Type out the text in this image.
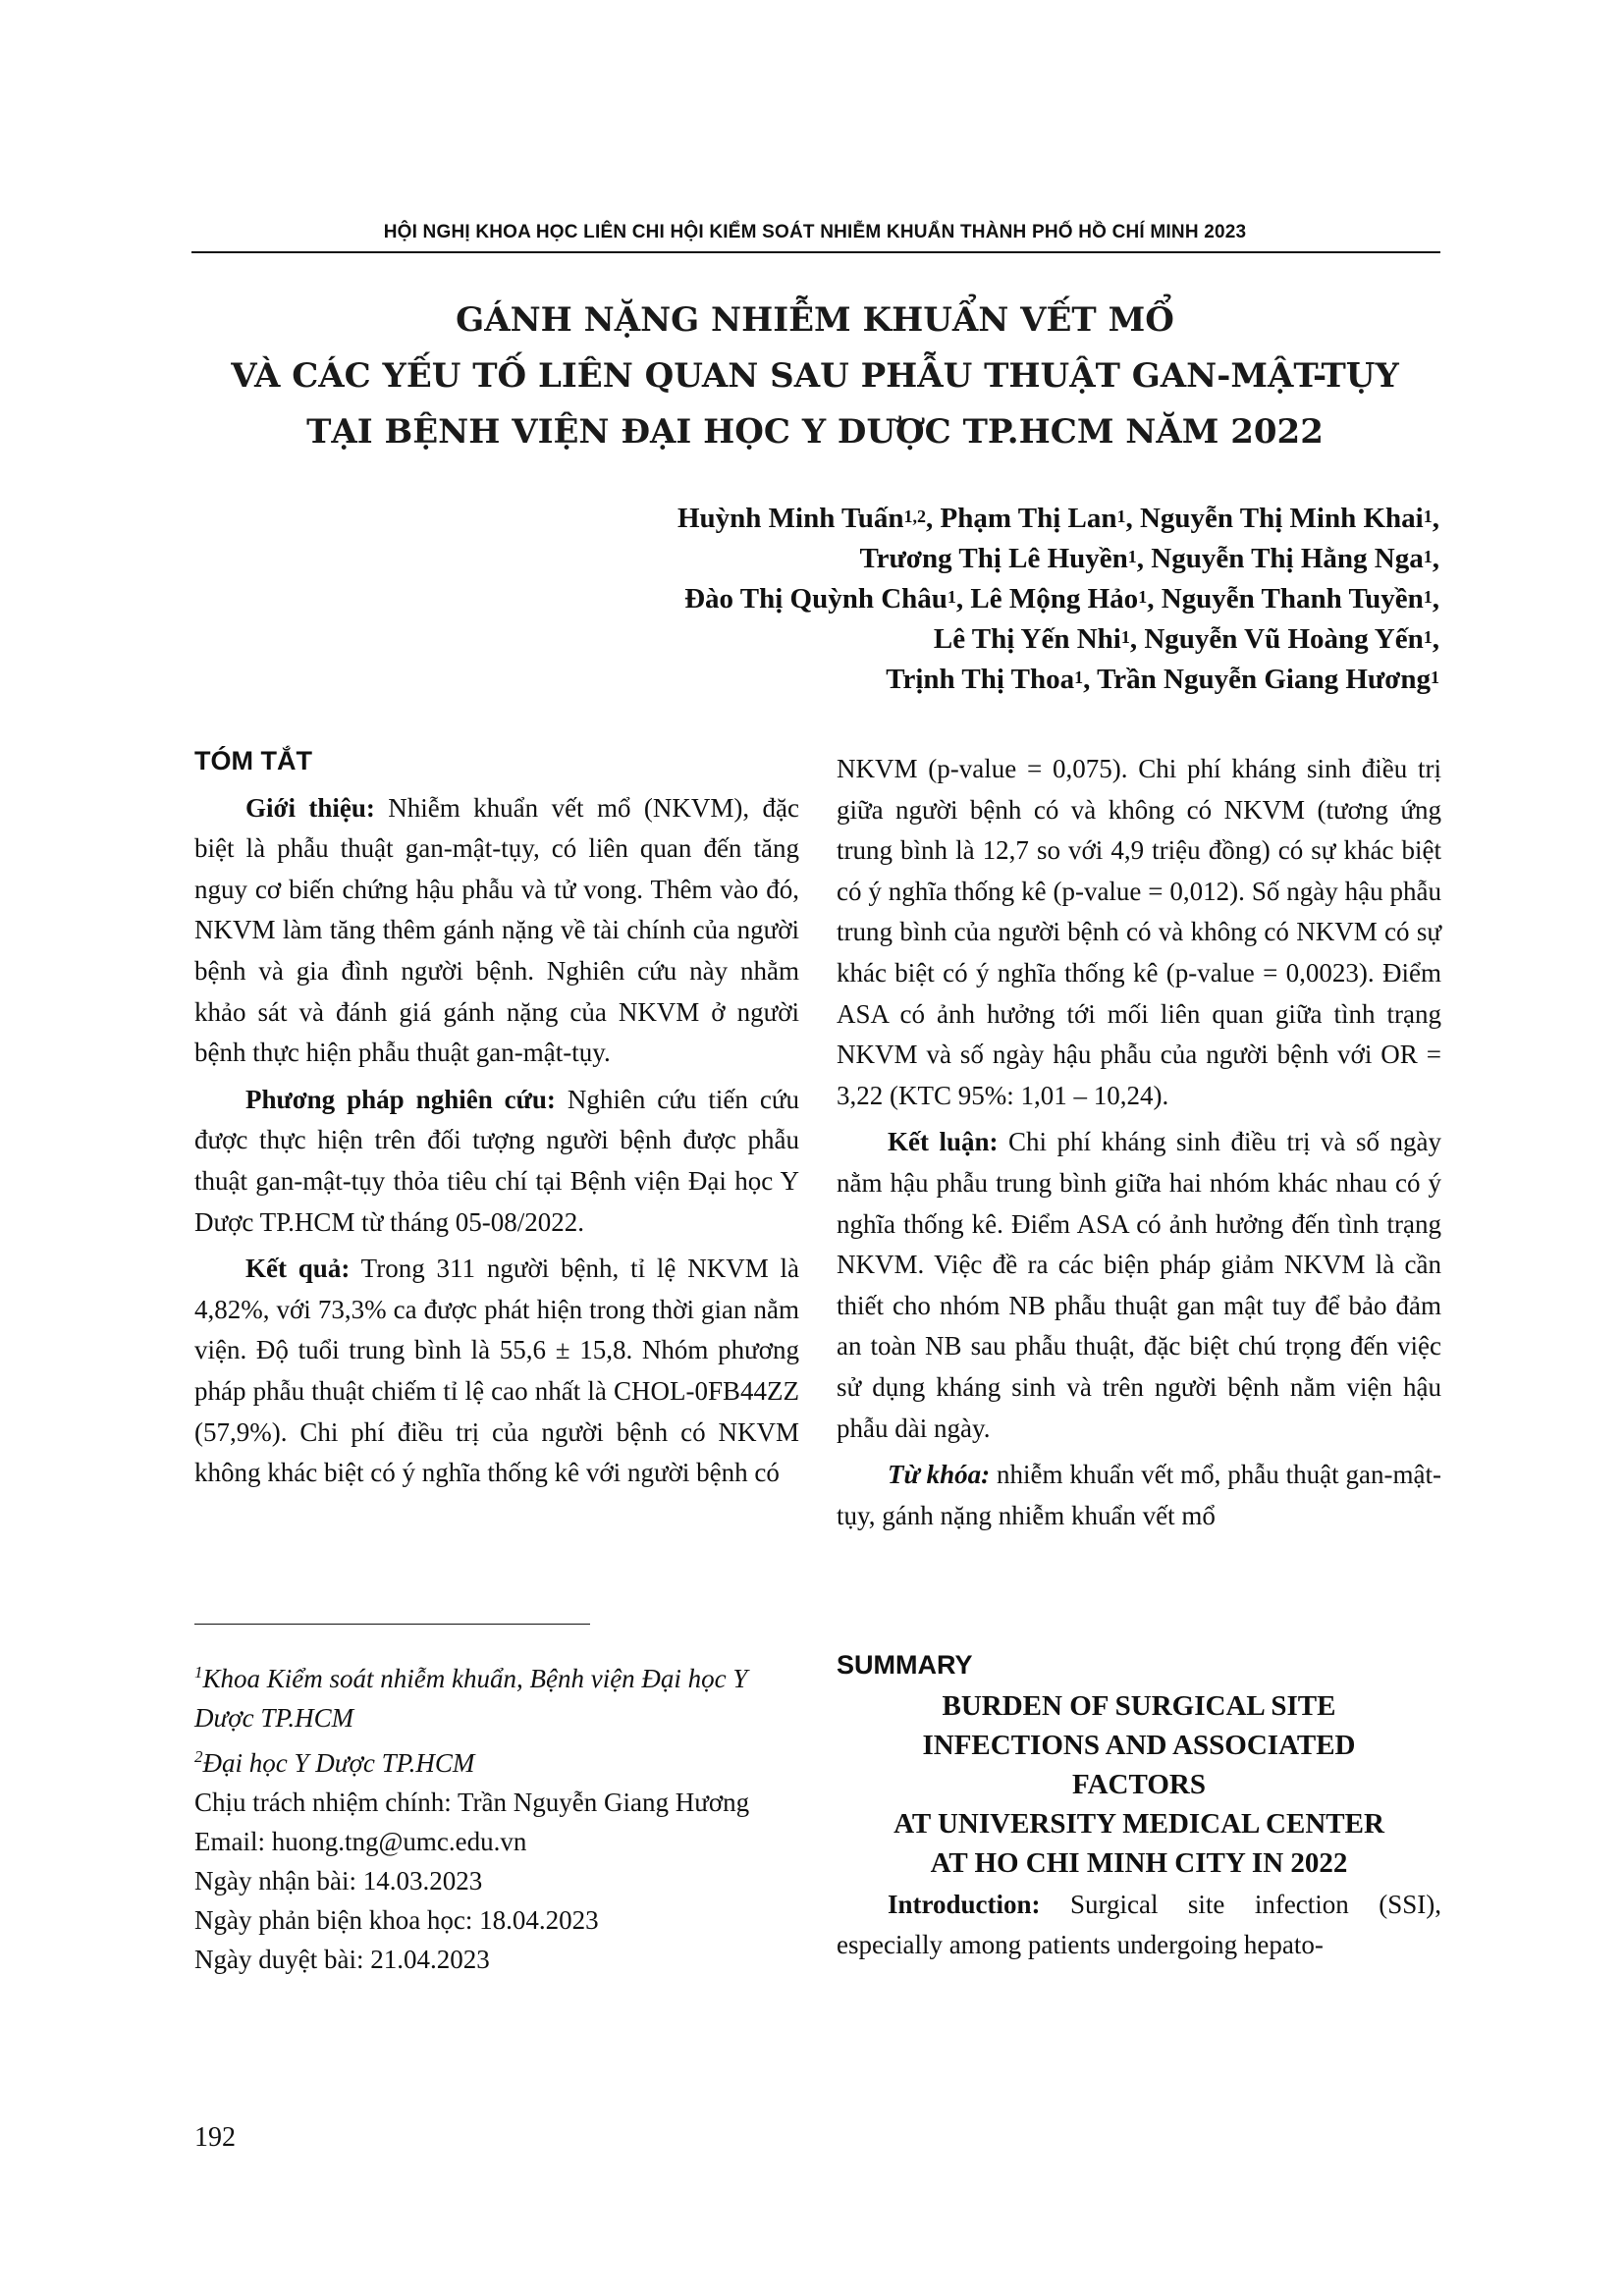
HỘI NGHỊ KHOA HỌC LIÊN CHI HỘI KIỂM SOÁT NHIỄM KHUẨN THÀNH PHỐ HỒ CHÍ MINH 2023
GÁNH NẶNG NHIỄM KHUẨN VẾT MỔ
VÀ CÁC YẾU TỐ LIÊN QUAN SAU PHẪU THUẬT GAN-MẬT-TỤY
TẠI BỆNH VIỆN ĐẠI HỌC Y DƯỢC TP.HCM NĂM 2022
Huỳnh Minh Tuấn$^{1,2}$, Phạm Thị Lan$^1$, Nguyễn Thị Minh Khai$^1$,
Trương Thị Lê Huyền$^1$, Nguyễn Thị Hằng Nga$^1$,
Đào Thị Quỳnh Châu$^1$, Lê Mộng Hảo$^1$, Nguyễn Thanh Tuyền$^1$,
Lê Thị Yến Nhi$^1$, Nguyễn Vũ Hoàng Yến$^1$,
Trịnh Thị Thoa$^1$, Trần Nguyễn Giang Hương$^1$
TÓM TẮT

Giới thiệu: Nhiễm khuẩn vết mổ (NKVM), đặc biệt là phẫu thuật gan-mật-tụy, có liên quan đến tăng nguy cơ biến chứng hậu phẫu và tử vong. Thêm vào đó, NKVM làm tăng thêm gánh nặng về tài chính của người bệnh và gia đình người bệnh. Nghiên cứu này nhằm khảo sát và đánh giá gánh nặng của NKVM ở người bệnh thực hiện phẫu thuật gan-mật-tụy.

Phương pháp nghiên cứu: Nghiên cứu tiến cứu được thực hiện trên đối tượng người bệnh được phẫu thuật gan-mật-tụy thỏa tiêu chí tại Bệnh viện Đại học Y Dược TP.HCM từ tháng 05-08/2022.

Kết quả: Trong 311 người bệnh, tỉ lệ NKVM là 4,82%, với 73,3% ca được phát hiện trong thời gian nằm viện. Độ tuổi trung bình là 55,6 ± 15,8. Nhóm phương pháp phẫu thuật chiếm tỉ lệ cao nhất là CHOL-0FB44ZZ (57,9%). Chi phí điều trị của người bệnh có NKVM không khác biệt có ý nghĩa thống kê với người bệnh có

$^1$Khoa Kiểm soát nhiễm khuẩn, Bệnh viện Đại học Y Dược TP.HCM
$^2$Đại học Y Dược TP.HCM
Chịu trách nhiệm chính: Trần Nguyễn Giang Hương
Email: huong.tng@umc.edu.vn
Ngày nhận bài: 14.03.2023
Ngày phản biện khoa học: 18.04.2023
Ngày duyệt bài: 21.04.2023

NKVM (p-value = 0,075). Chi phí kháng sinh điều trị giữa người bệnh có và không có NKVM (tương ứng trung bình là 12,7 so với 4,9 triệu đồng) có sự khác biệt có ý nghĩa thống kê (p-value = 0,012). Số ngày hậu phẫu trung bình của người bệnh có và không có NKVM có sự khác biệt có ý nghĩa thống kê (p-value = 0,0023). Điểm ASA có ảnh hưởng tới mối liên quan giữa tình trạng NKVM và số ngày hậu phẫu của người bệnh với OR = 3,22 (KTC 95%: 1,01 – 10,24).

Kết luận: Chi phí kháng sinh điều trị và số ngày nằm hậu phẫu trung bình giữa hai nhóm khác nhau có ý nghĩa thống kê. Điểm ASA có ảnh hưởng đến tình trạng NKVM. Việc đề ra các biện pháp giảm NKVM là cần thiết cho nhóm NB phẫu thuật gan mật tuy để bảo đảm an toàn NB sau phẫu thuật, đặc biệt chú trọng đến việc sử dụng kháng sinh và trên người bệnh nằm viện hậu phẫu dài ngày.

Từ khóa: nhiễm khuẩn vết mổ, phẫu thuật gan-mật-tụy, gánh nặng nhiễm khuẩn vết mổ

SUMMARY
BURDEN OF SURGICAL SITE
INFECTIONS AND ASSOCIATED
FACTORS
AT UNIVERSITY MEDICAL CENTER
AT HO CHI MINH CITY IN 2022

Introduction: Surgical site infection (SSI), especially among patients undergoing hepato-

192
